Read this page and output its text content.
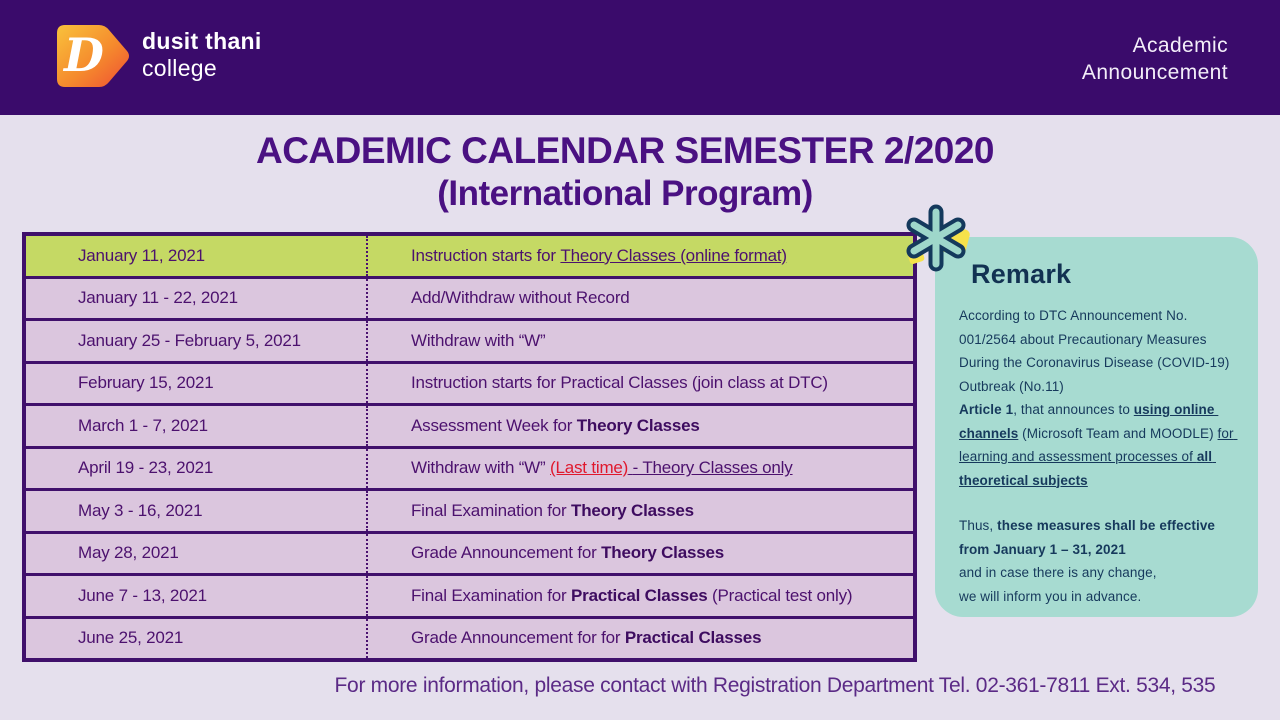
D dusit thani
college
Academic
Announcement
ACADEMIC CALENDAR SEMESTER 2/2020
(International Program)
January 11, 2021	Instruction starts for Theory Classes (online format)
January 11 - 22, 2021	Add/Withdraw without Record
January 25 - February 5, 2021	Withdraw with “W”
February 15, 2021	Instruction starts for Practical Classes (join class at DTC)
March 1 - 7, 2021	Assessment Week for Theory Classes
April 19 - 23, 2021	Withdraw with “W” (Last time) - Theory Classes only
May 3 - 16, 2021	Final Examination for Theory Classes
May 28, 2021	Grade Announcement for Theory Classes
June 7 - 13, 2021	Final Examination for Practical Classes (Practical test only)
June 25, 2021	Grade Announcement for for Practical Classes
Remark
According to DTC Announcement No. 001/2564 about Precautionary Measures During the Coronavirus Disease (COVID-19) Outbreak (No.11)
Article 1, that announces to using online channels (Microsoft Team and MOODLE) for learning and assessment processes of all theoretical subjects
Thus, these measures shall be effective
from January 1 – 31, 2021
and in case there is any change,
we will inform you in advance.
For more information, please contact with Registration Department Tel. 02-361-7811 Ext. 534, 535
